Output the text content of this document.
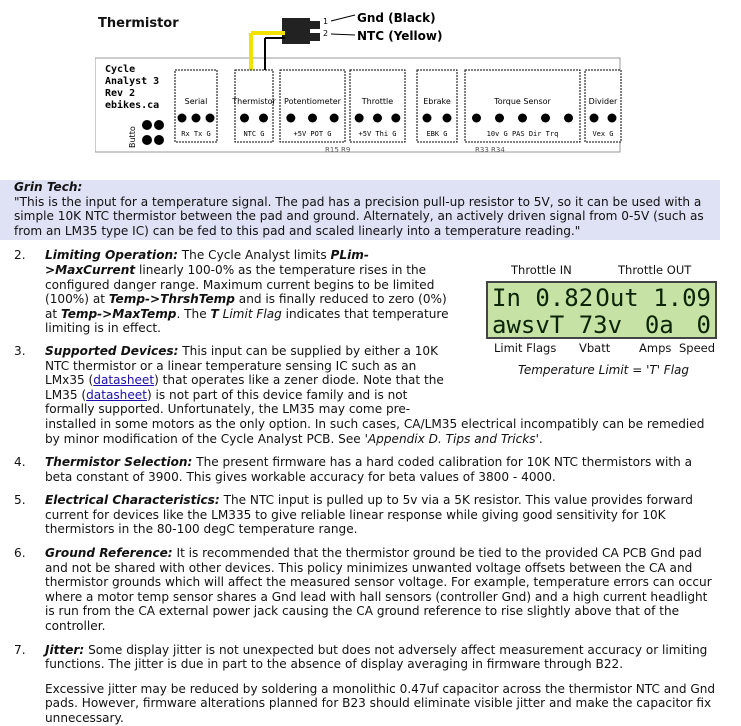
Thermistor	1
2
Gnd (Black)
NTC (Yellow)
Cycle
Analyst 3
Rev 2
ebikes.ca
Butto
Serial
Rx Tx G
Thermistor
NTC G
Potentiometer
+5V POT G
Throttle
+5V Thi G
Ebrake
EBK G
Torque Sensor
10v G PAS Dir Trq
Divider
Vex G
R15 R9	R33 R34
Grin Tech:
"This is the input for a temperature signal. The pad has a precision pull-up resistor to 5V, so it can be used with a simple 10K NTC thermistor between the pad and ground. Alternately, an actively driven signal from 0-5V (such as from an LM35 type IC) can be fed to this pad and scaled linearly into a temperature reading."
2. Limiting Operation: The Cycle Analyst limits PLim->MaxCurrent linearly 100-0% as the temperature rises in the configured danger range. Maximum current begins to be limited (100%) at Temp->ThrshTemp and is finally reduced to zero (0%) at Temp->MaxTemp. The T Limit Flag indicates that temperature limiting is in effect.
3. Supported Devices: This input can be supplied by either a 10K NTC thermistor or a linear temperature sensing IC such as an LMx35 (datasheet) that operates like a zener diode. Note that the LM35 (datasheet) is not part of this device family and is not formally supported. Unfortunately, the LM35 may come pre-
installed in some motors as the only option. In such cases, CA/LM35 electrical incompatibly can be remedied by minor modification of the Cycle Analyst PCB. See 'Appendix D. Tips and Tricks'.
4. Thermistor Selection: The present firmware has a hard coded calibration for 10K NTC thermistors with a beta constant of 3900. This gives workable accuracy for beta values of 3800 - 4000.
5. Electrical Characteristics: The NTC input is pulled up to 5v via a 5K resistor. This value provides forward current for devices like the LM335 to give reliable linear response while giving good sensitivity for 10K thermistors in the 80-100 degC temperature range.
6. Ground Reference: It is recommended that the thermistor ground be tied to the provided CA PCB Gnd pad and not be shared with other devices. This policy minimizes unwanted voltage offsets between the CA and thermistor grounds which will affect the measured sensor voltage. For example, temperature errors can occur where a motor temp sensor shares a Gnd lead with hall sensors (controller Gnd) and a high current headlight is run from the CA external power jack causing the CA ground reference to rise slightly above that of the controller.
7. Jitter: Some display jitter is not unexpected but does not adversely affect measurement accuracy or limiting functions. The jitter is due in part to the absence of display averaging in firmware through B22.
Excessive jitter may be reduced by soldering a monolithic 0.47uf capacitor across the thermistor NTC and Gnd pads. However, firmware alterations planned for B23 should eliminate visible jitter and make the capacitor fix unnecessary.
Throttle IN	Throttle OUT
In 0.82 Out 1.09
awsvT 73v 0a 0
Limit Flags Vbatt	Amps Speed
Temperature Limit = 'T' Flag
